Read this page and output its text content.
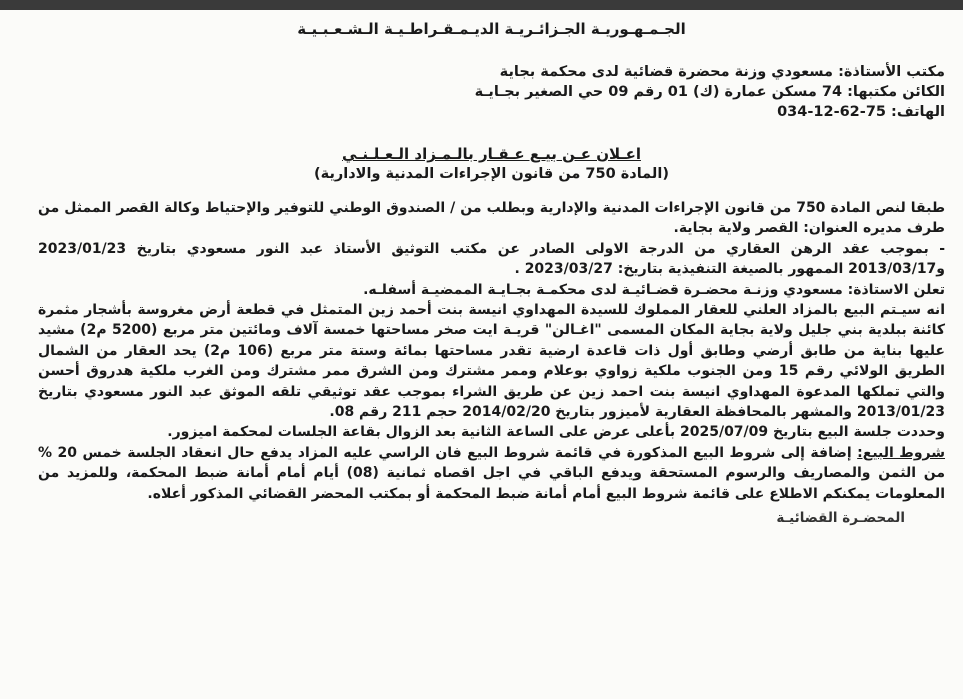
الجـمـهـوريـة الجـزائـريـة الديـمـقـراطـيـة الـشـعـبـيـة

مكتب الأستاذة: مسعودي وزنة محضرة قضائية لدى محكمة بجاية

الكائن مكتبها: 74 مسكن عمارة (ك) 01 رقم 09 حي الصغير بجـايـة

الهاتف: 75-62-12-034

اعـلان عـن بيـع عـقـار بالـمـزاد الـعـلـنـي
(المادة 750 من قانون الإجراءات المدنية والادارية)

طبقا لنص المادة 750 من قانون الإجراءات المدنية والإدارية وبطلب من / الصندوق الوطني للتوفير والإحتياط وكالة القصر الممثل من طرف مديره العنوان: القصر ولاية بجاية.

- بموجب عقد الرهن العقاري من الدرجة الاولى الصادر عن مكتب التوثيق الأستاذ عبد النور مسعودي بتاريخ 2023/01/23 و2013/03/17 الممهور بالصيغة التنفيذية بتاريخ: 2023/03/27 .

تعلن الاستاذة: مسعودي وزنـة محضـرة قضـائيـة لدى محكمـة بجـايـة الممضيـة أسفلـه.

انه سيـتم البيع بالمزاد العلني للعقار المملوك للسيدة المهداوي انيسة بنت أحمد زين المتمثل في قطعة أرض مغروسة بأشجار مثمرة كائنة ببلدية بني جليل ولاية بجاية المكان المسمى "اغـالن" قريـة ايت صخر مساحتها خمسة آلاف ومائتين متر مربع (5200 م2) مشيد عليها بناية من طابق أرضي وطابق أول ذات قاعدة ارضية تقدر مساحتها بمائة وستة متر مربع (106 م2) يحد العقار من الشمال الطريق الولائي رقم 15 ومن الجنوب ملكية زواوي بوعلام وممر مشترك ومن الشرق ممر مشترك ومن الغرب ملكية هدروق أحسن والتي تملكها المدعوة المهداوي انيسة بنت احمد زين عن طريق الشراء بموجب عقد توثيقي تلقه الموثق عبد النور مسعودي بتاريخ 2013/01/23 والمشهر بالمحافظة العقارية لأميزور بتاريخ 2014/02/20 حجم 211 رقم 08.

وحددت جلسة البيع بتاريخ 2025/07/09 بأعلى عرض على الساعة الثانية بعد الزوال بقاعة الجلسات لمحكمة اميزور.

شروط البيع: إضافة إلى شروط البيع المذكورة في قائمة شروط البيع فان الراسي عليه المزاد يدفع حال انعقاد الجلسة خمس 20 % من الثمن والمصاريف والرسوم المستحقة ويدفع الباقي في اجل اقصاه ثمانية (08) أيام أمام أمانة ضبط المحكمة، وللمزيد من المعلومات يمكنكم الاطلاع على قائمة شروط البيع أمام أمانة ضبط المحكمة أو بمكتب المحضر القضائي المذكور أعلاه.

المحضـرة القضائيـة
